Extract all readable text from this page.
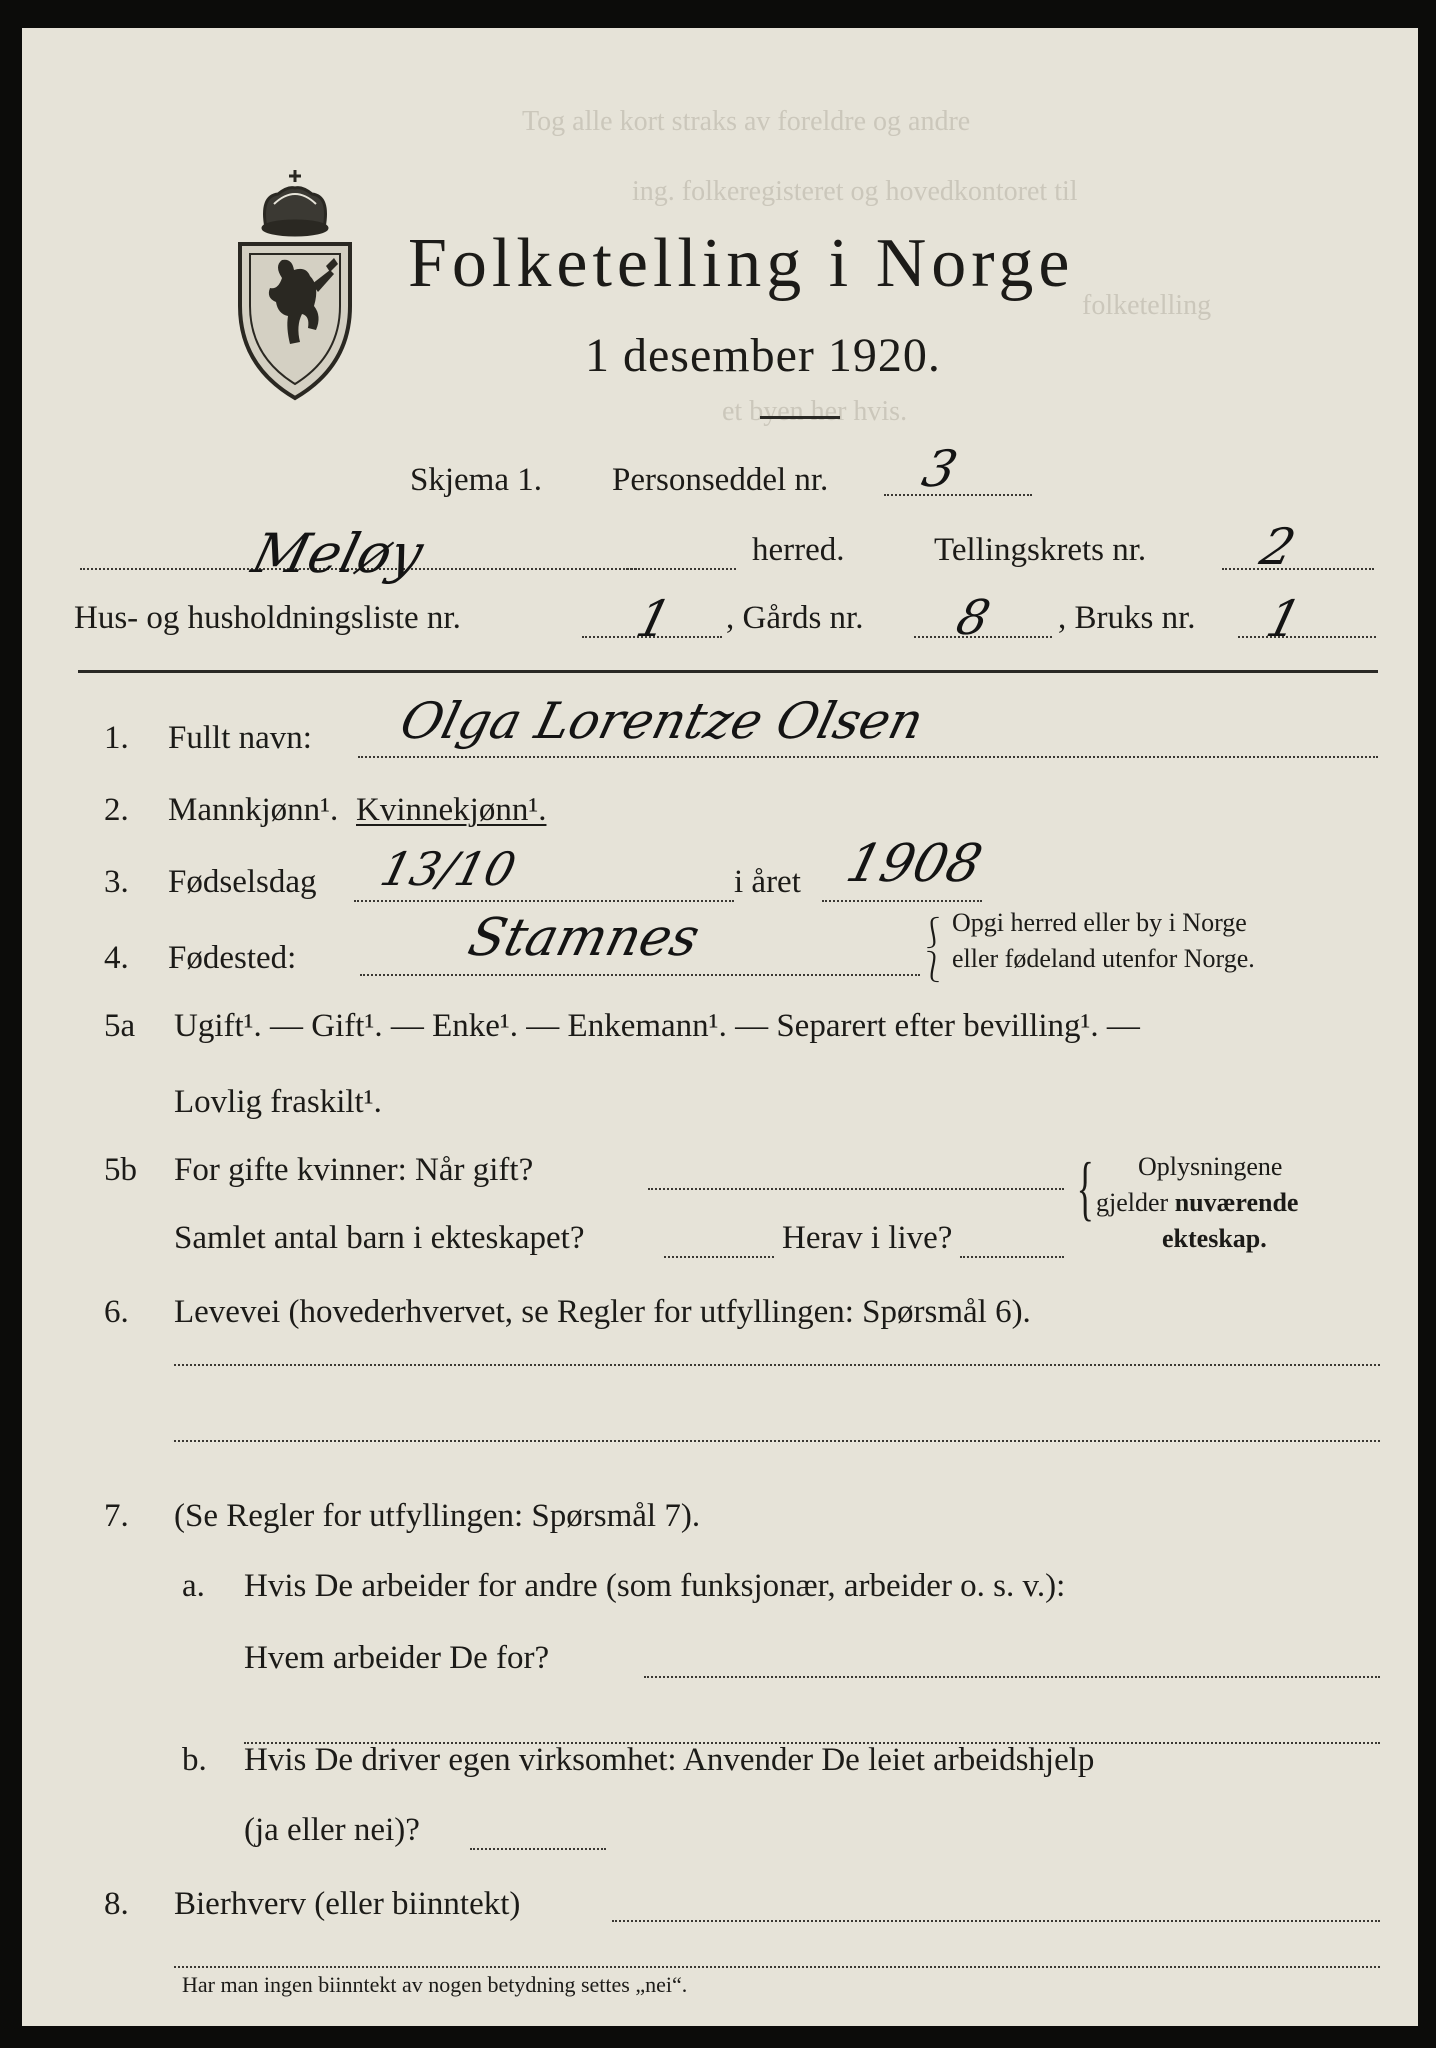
Tog alle kort straks av foreldre og andre
ing. folkeregisteret og hovedkontoret til
folketelling
et byen her hvis.
Folketelling i Norge
1 desember 1920.
Skjema 1. Personseddel nr. 3
Meløy	herred.	Tellingskrets nr. 2
Hus- og husholdningsliste nr.	1 , Gårds nr. 8 , Bruks nr. 1
1. Fullt navn: Olga Lorentze Olsen
2. Mannkjønn¹. Kvinnekjønn¹.
3. Fødselsdag 13/10	i året 1908
4. Fødested:	Stamnes	⎰
⎱
Opgi herred eller by i Norge
eller fødeland utenfor Norge.
5a Ugift¹. — Gift¹. — Enke¹. — Enkemann¹. — Separert efter bevilling¹. —
Lovlig fraskilt¹.
5b For gifte kvinner: Når gift?
Samlet antal barn i ekteskapet?	Herav i live?
{ Oplysningene
gjelder nuværende
ekteskap.
6. Levevei (hovederhvervet, se Regler for utfyllingen: Spørsmål 6).
7. (Se Regler for utfyllingen: Spørsmål 7).
a. Hvis De arbeider for andre (som funksjonær, arbeider o. s. v.):
Hvem arbeider De for?
b. Hvis De driver egen virksomhet: Anvender De leiet arbeidshjelp
(ja eller nei)?
8. Bierhverv (eller biinntekt)
Har man ingen biinntekt av nogen betydning settes „nei“.
